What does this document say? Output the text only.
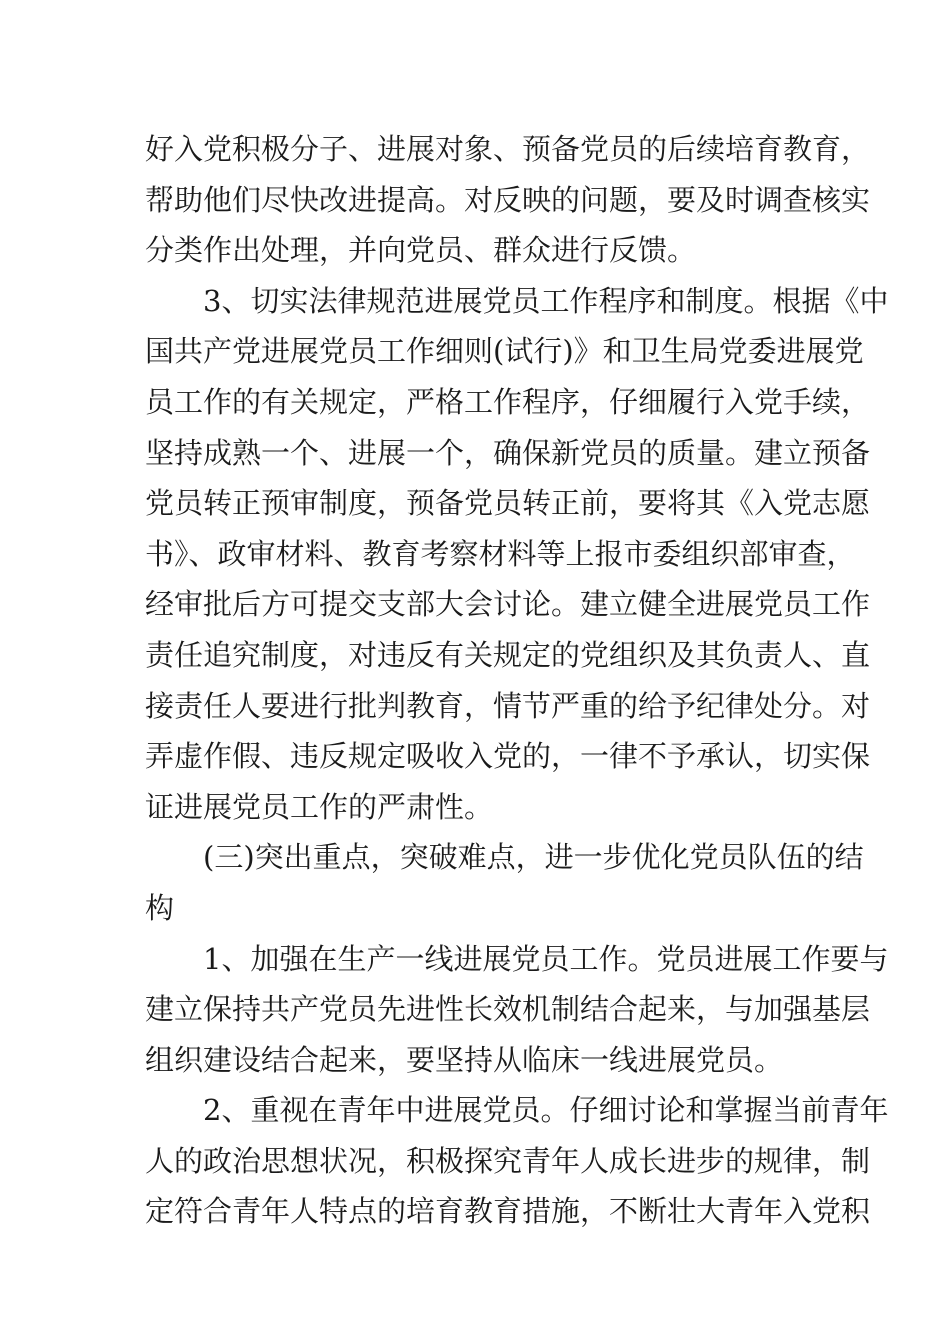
好入党积极分子、进展对象、预备党员的后续培育教育，
帮助他们尽快改进提高。对反映的问题，要及时调查核实
分类作出处理，并向党员、群众进行反馈。
3、切实法律规范进展党员工作程序和制度。根据《中
国共产党进展党员工作细则(试行)》和卫生局党委进展党
员工作的有关规定，严格工作程序，仔细履行入党手续，
坚持成熟一个、进展一个，确保新党员的质量。建立预备
党员转正预审制度，预备党员转正前，要将其《入党志愿
书》、政审材料、教育考察材料等上报市委组织部审查，
经审批后方可提交支部大会讨论。建立健全进展党员工作
责任追究制度，对违反有关规定的党组织及其负责人、直
接责任人要进行批判教育，情节严重的给予纪律处分。对
弄虚作假、违反规定吸收入党的，一律不予承认，切实保
证进展党员工作的严肃性。
(三)突出重点，突破难点，进一步优化党员队伍的结
构
1、加强在生产一线进展党员工作。党员进展工作要与
建立保持共产党员先进性长效机制结合起来，与加强基层
组织建设结合起来，要坚持从临床一线进展党员。
2、重视在青年中进展党员。仔细讨论和掌握当前青年
人的政治思想状况，积极探究青年人成长进步的规律，制
定符合青年人特点的培育教育措施，不断壮大青年入党积
